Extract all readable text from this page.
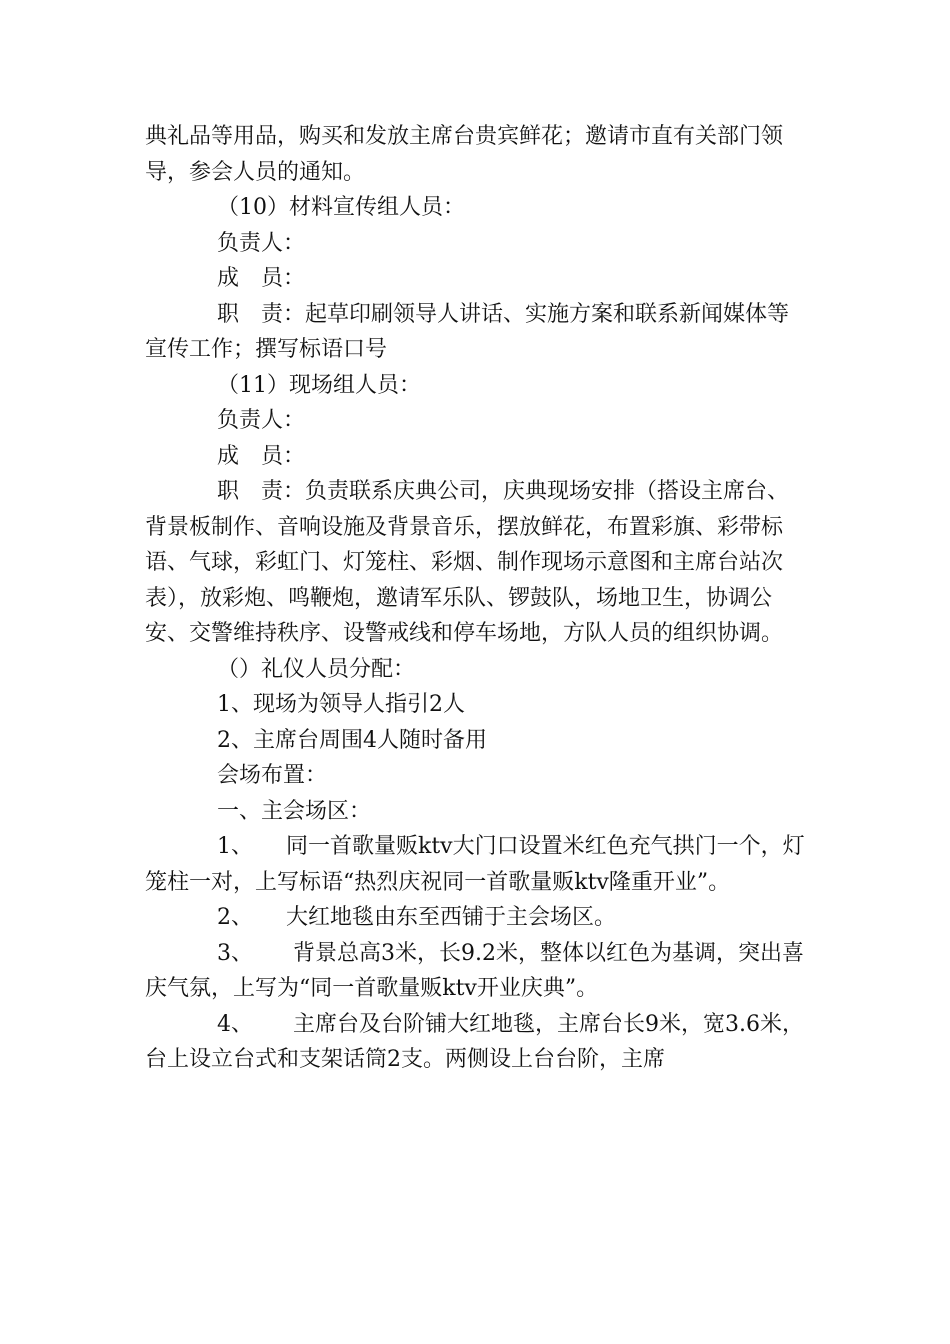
典礼品等用品，购买和发放主席台贵宾鲜花；邀请市直有关部门领导，参会人员的通知。

（10）材料宣传组人员：

负责人：

成　员：

职　责：起草印刷领导人讲话、实施方案和联系新闻媒体等宣传工作；撰写标语口号

（11）现场组人员：

负责人：

成　员：

职　责：负责联系庆典公司，庆典现场安排（搭设主席台、背景板制作、音响设施及背景音乐，摆放鲜花，布置彩旗、彩带标语、气球，彩虹门、灯笼柱、彩烟、制作现场示意图和主席台站次表），放彩炮、鸣鞭炮，邀请军乐队、锣鼓队，场地卫生，协调公安、交警维持秩序、设警戒线和停车场地，方队人员的组织协调。

（）礼仪人员分配：

1、现场为领导人指引2人

2、主席台周围4人随时备用

会场布置：

一、主会场区：

1、　　同一首歌量贩ktv大门口设置米红色充气拱门一个，灯笼柱一对，上写标语“热烈庆祝同一首歌量贩ktv隆重开业”。

2、　　大红地毯由东至西铺于主会场区。

3、　　 背景总高3米，长9.2米，整体以红色为基调，突出喜庆气氛，上写为“同一首歌量贩ktv开业庆典”。

4、　　 主席台及台阶铺大红地毯，主席台长9米，宽3.6米，台上设立台式和支架话筒2支。两侧设上台台阶，主席
